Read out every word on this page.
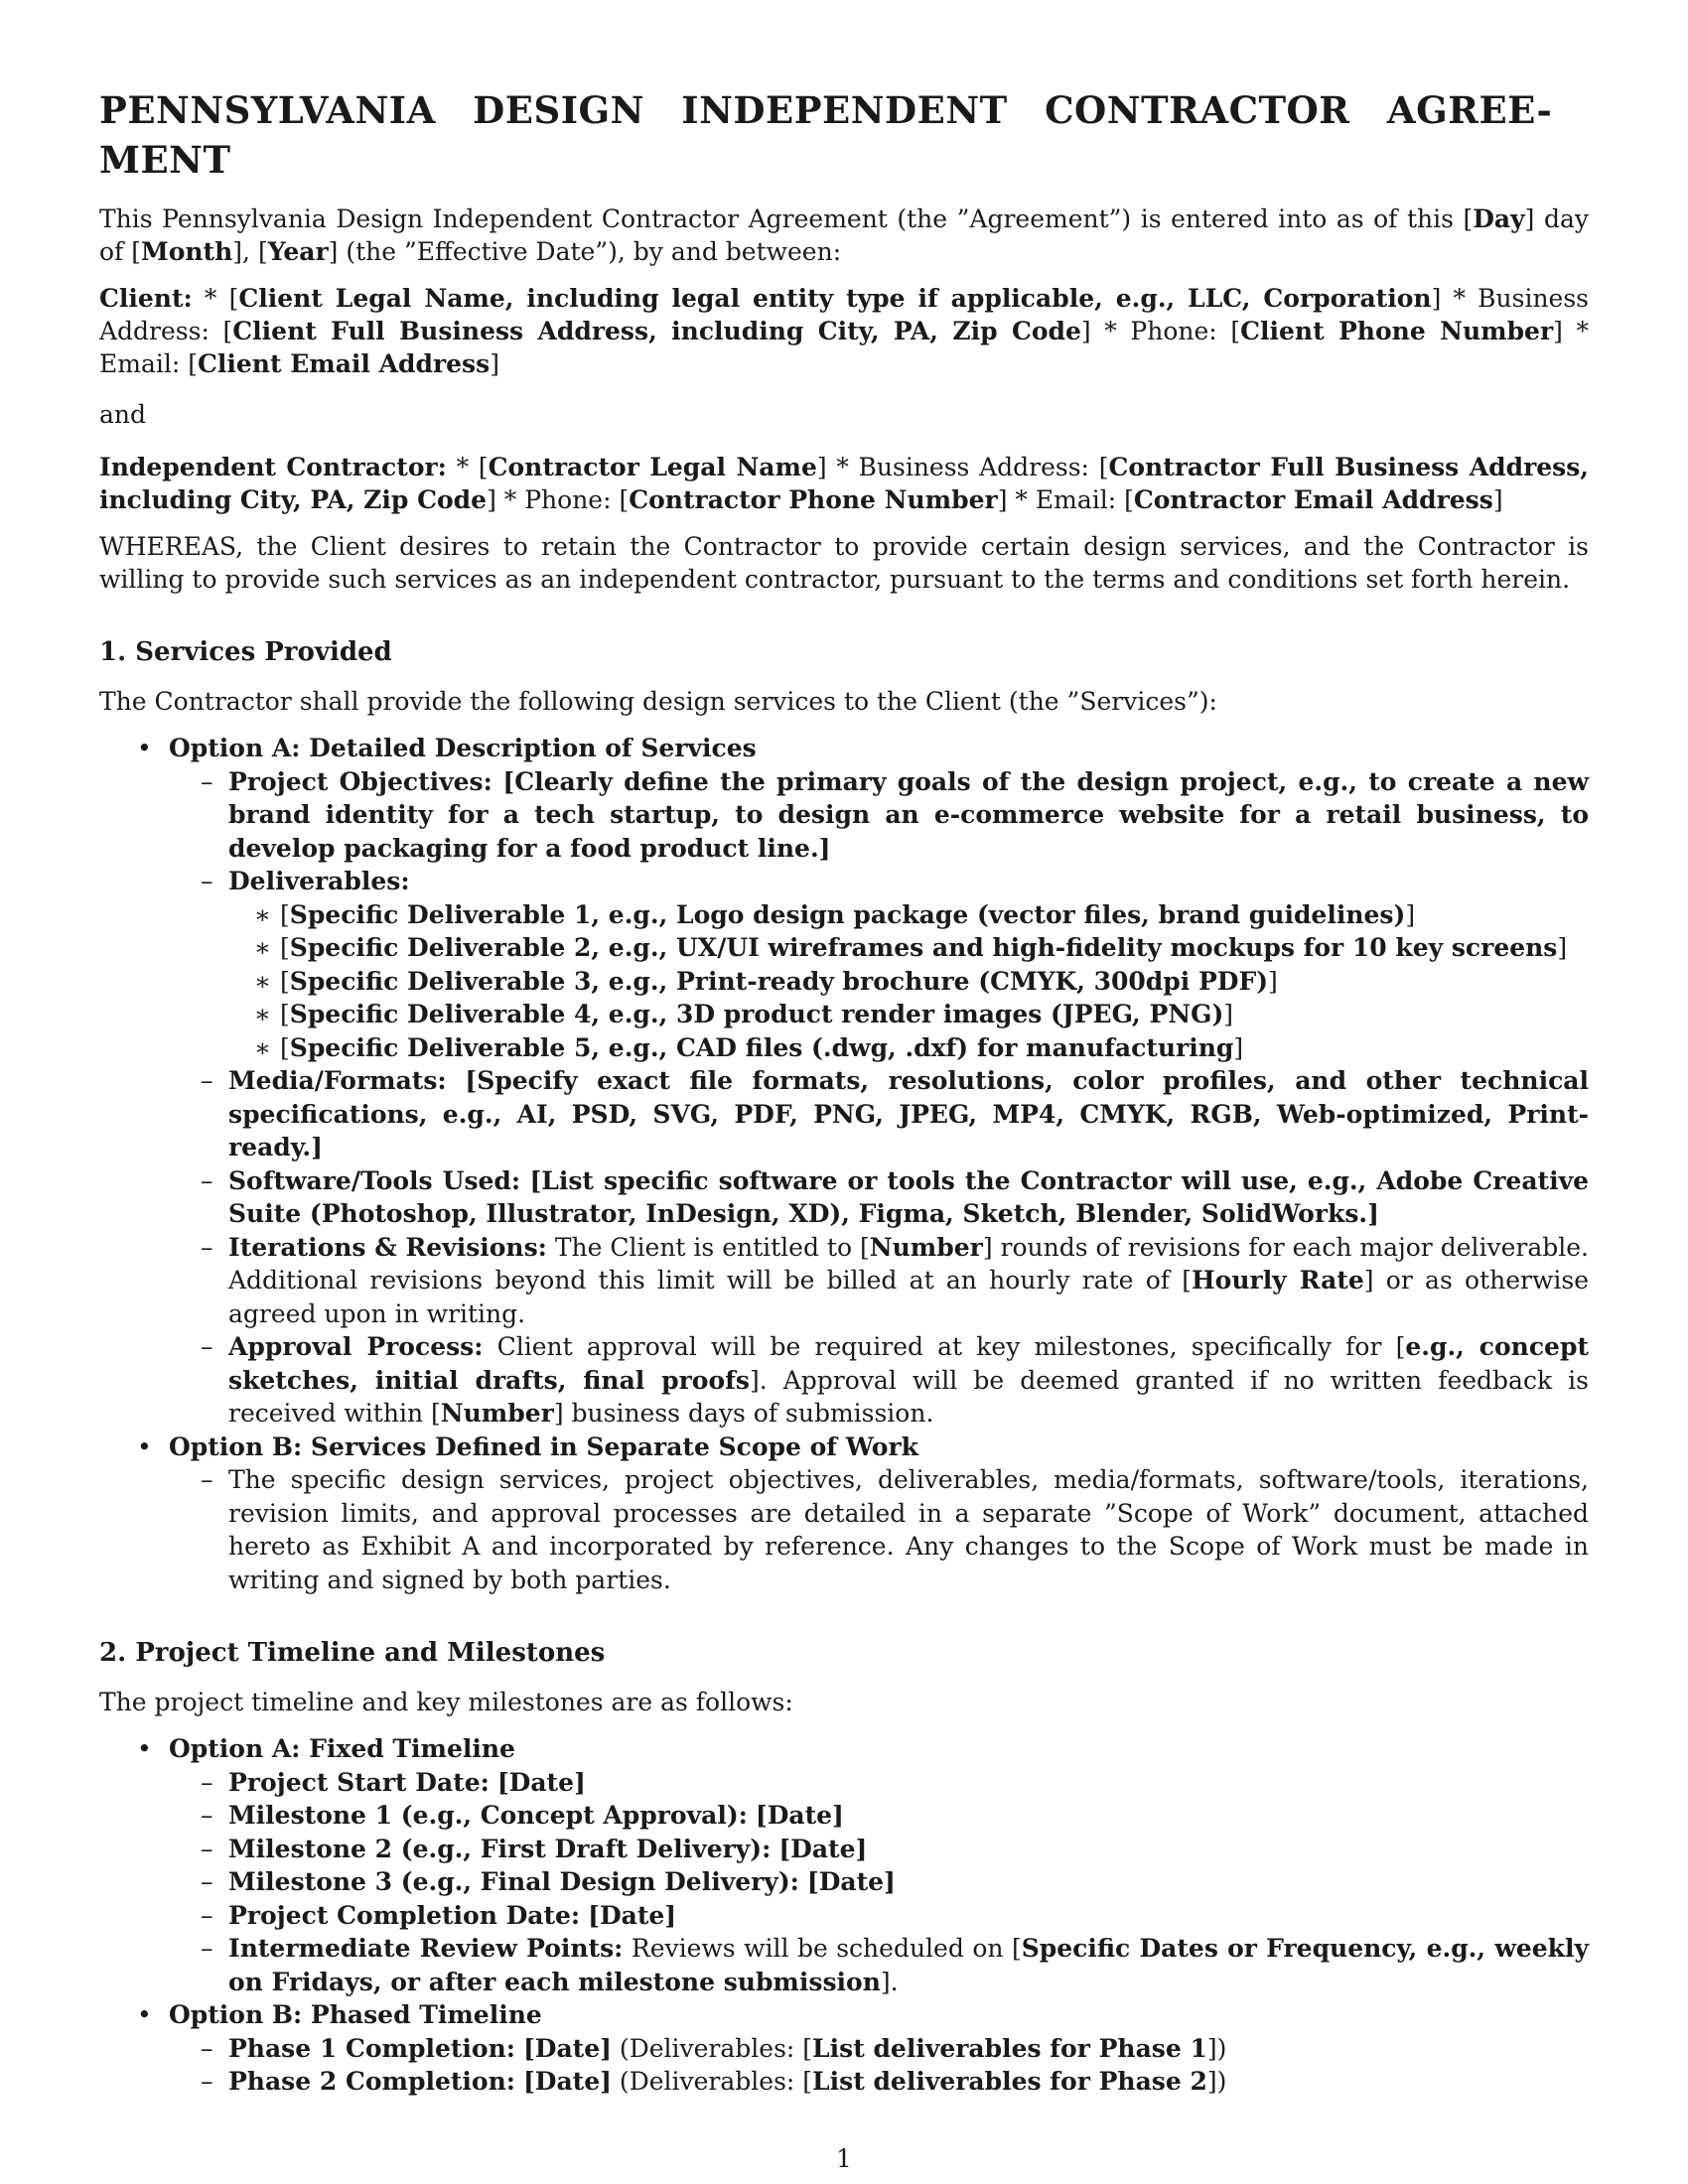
PENNSYLVANIA DESIGN INDEPENDENT CONTRACTOR AGREE-MENT

This Pennsylvania Design Independent Contractor Agreement (the ”Agreement”) is entered into as of this [Day] day of [Month], [Year] (the ”Effective Date”), by and between:

Client: * [Client Legal Name, including legal entity type if applicable, e.g., LLC, Corporation] * Business Address: [Client Full Business Address, including City, PA, Zip Code] * Phone: [Client Phone Number] * Email: [Client Email Address]

and

Independent Contractor: * [Contractor Legal Name] * Business Address: [Contractor Full Business Address, including City, PA, Zip Code] * Phone: [Contractor Phone Number] * Email: [Contractor Email Address]

WHEREAS, the Client desires to retain the Contractor to provide certain design services, and the Contractor is willing to provide such services as an independent contractor, pursuant to the terms and conditions set forth herein.

1. Services Provided

The Contractor shall provide the following design services to the Client (the ”Services”):

• Option A: Detailed Description of Services
– Project Objectives: [Clearly define the primary goals of the design project, e.g., to create a new brand identity for a tech startup, to design an e-commerce website for a retail business, to develop packaging for a food product line.]
– Deliverables:
∗ [Specific Deliverable 1, e.g., Logo design package (vector files, brand guidelines)]
∗ [Specific Deliverable 2, e.g., UX/UI wireframes and high-fidelity mockups for 10 key screens]
∗ [Specific Deliverable 3, e.g., Print-ready brochure (CMYK, 300dpi PDF)]
∗ [Specific Deliverable 4, e.g., 3D product render images (JPEG, PNG)]
∗ [Specific Deliverable 5, e.g., CAD files (.dwg, .dxf) for manufacturing]
– Media/Formats: [Specify exact file formats, resolutions, color profiles, and other technical specifications, e.g., AI, PSD, SVG, PDF, PNG, JPEG, MP4, CMYK, RGB, Web-optimized, Print-ready.]
– Software/Tools Used: [List specific software or tools the Contractor will use, e.g., Adobe Creative Suite (Photoshop, Illustrator, InDesign, XD), Figma, Sketch, Blender, SolidWorks.]
– Iterations & Revisions: The Client is entitled to [Number] rounds of revisions for each major deliverable. Additional revisions beyond this limit will be billed at an hourly rate of [Hourly Rate] or as otherwise agreed upon in writing.
– Approval Process: Client approval will be required at key milestones, specifically for [e.g., concept sketches, initial drafts, final proofs]. Approval will be deemed granted if no written feedback is received within [Number] business days of submission.
• Option B: Services Defined in Separate Scope of Work
– The specific design services, project objectives, deliverables, media/formats, software/tools, iterations, revision limits, and approval processes are detailed in a separate ”Scope of Work” document, attached hereto as Exhibit A and incorporated by reference. Any changes to the Scope of Work must be made in writing and signed by both parties.
2. Project Timeline and Milestones

The project timeline and key milestones are as follows:

• Option A: Fixed Timeline
– Project Start Date: [Date]
– Milestone 1 (e.g., Concept Approval): [Date]
– Milestone 2 (e.g., First Draft Delivery): [Date]
– Milestone 3 (e.g., Final Design Delivery): [Date]
– Project Completion Date: [Date]
– Intermediate Review Points: Reviews will be scheduled on [Specific Dates or Frequency, e.g., weekly on Fridays, or after each milestone submission].
• Option B: Phased Timeline
– Phase 1 Completion: [Date] (Deliverables: [List deliverables for Phase 1])
– Phase 2 Completion: [Date] (Deliverables: [List deliverables for Phase 2])
1
